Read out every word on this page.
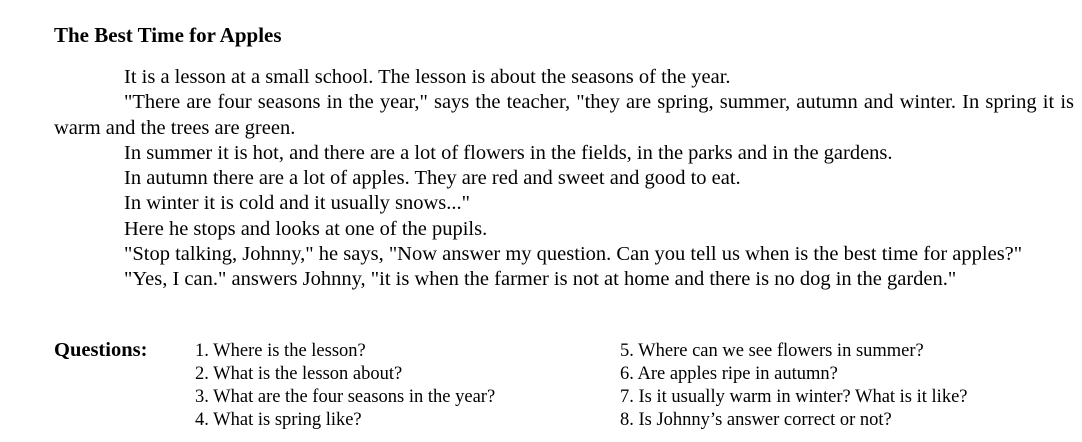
The Best Time for Apples

It is a lesson at a small school. The lesson is about the seasons of the year.

"There are four seasons in the year," says the teacher, "they are spring, summer, autumn and winter. In spring it is warm and the trees are green.

In summer it is hot, and there are a lot of flowers in the fields, in the parks and in the gardens.

In autumn there are a lot of apples. They are red and sweet and good to eat.

In winter it is cold and it usually snows..."

Here he stops and looks at one of the pupils.

"Stop talking, Johnny," he says, "Now answer my question. Can you tell us when is the best time for apples?"

"Yes, I can." answers Johnny, "it is when the farmer is not at home and there is no dog in the garden."

Questions:	1. Where is the lesson?
2. What is the lesson about?
3. What are the four seasons in the year?
4. What is spring like?
5. Where can we see flowers in summer?
6. Are apples ripe in autumn?
7. Is it usually warm in winter? What is it like?
8. Is Johnny’s answer correct or not?
